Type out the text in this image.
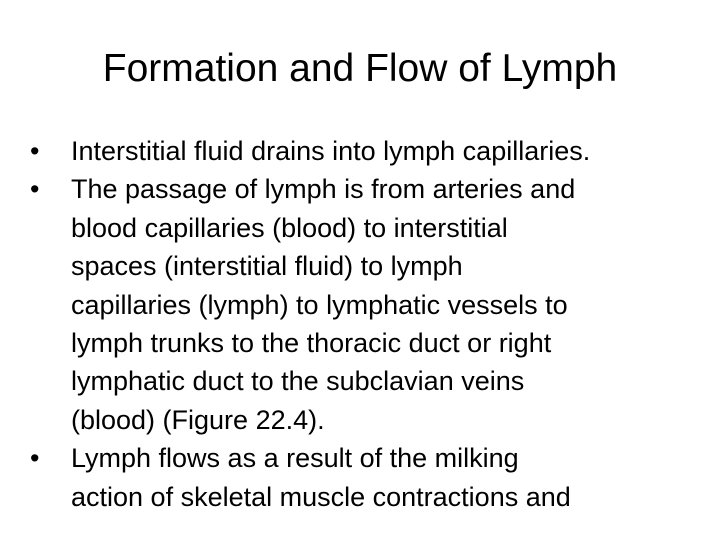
Formation and Flow of Lymph
• Interstitial fluid drains into lymph capillaries.
• The passage of lymph is from arteries and
blood capillaries (blood) to interstitial
spaces (interstitial fluid) to lymph
capillaries (lymph) to lymphatic vessels to
lymph trunks to the thoracic duct or right
lymphatic duct to the subclavian veins
(blood) (Figure 22.4).
• Lymph flows as a result of the milking
action of skeletal muscle contractions and
